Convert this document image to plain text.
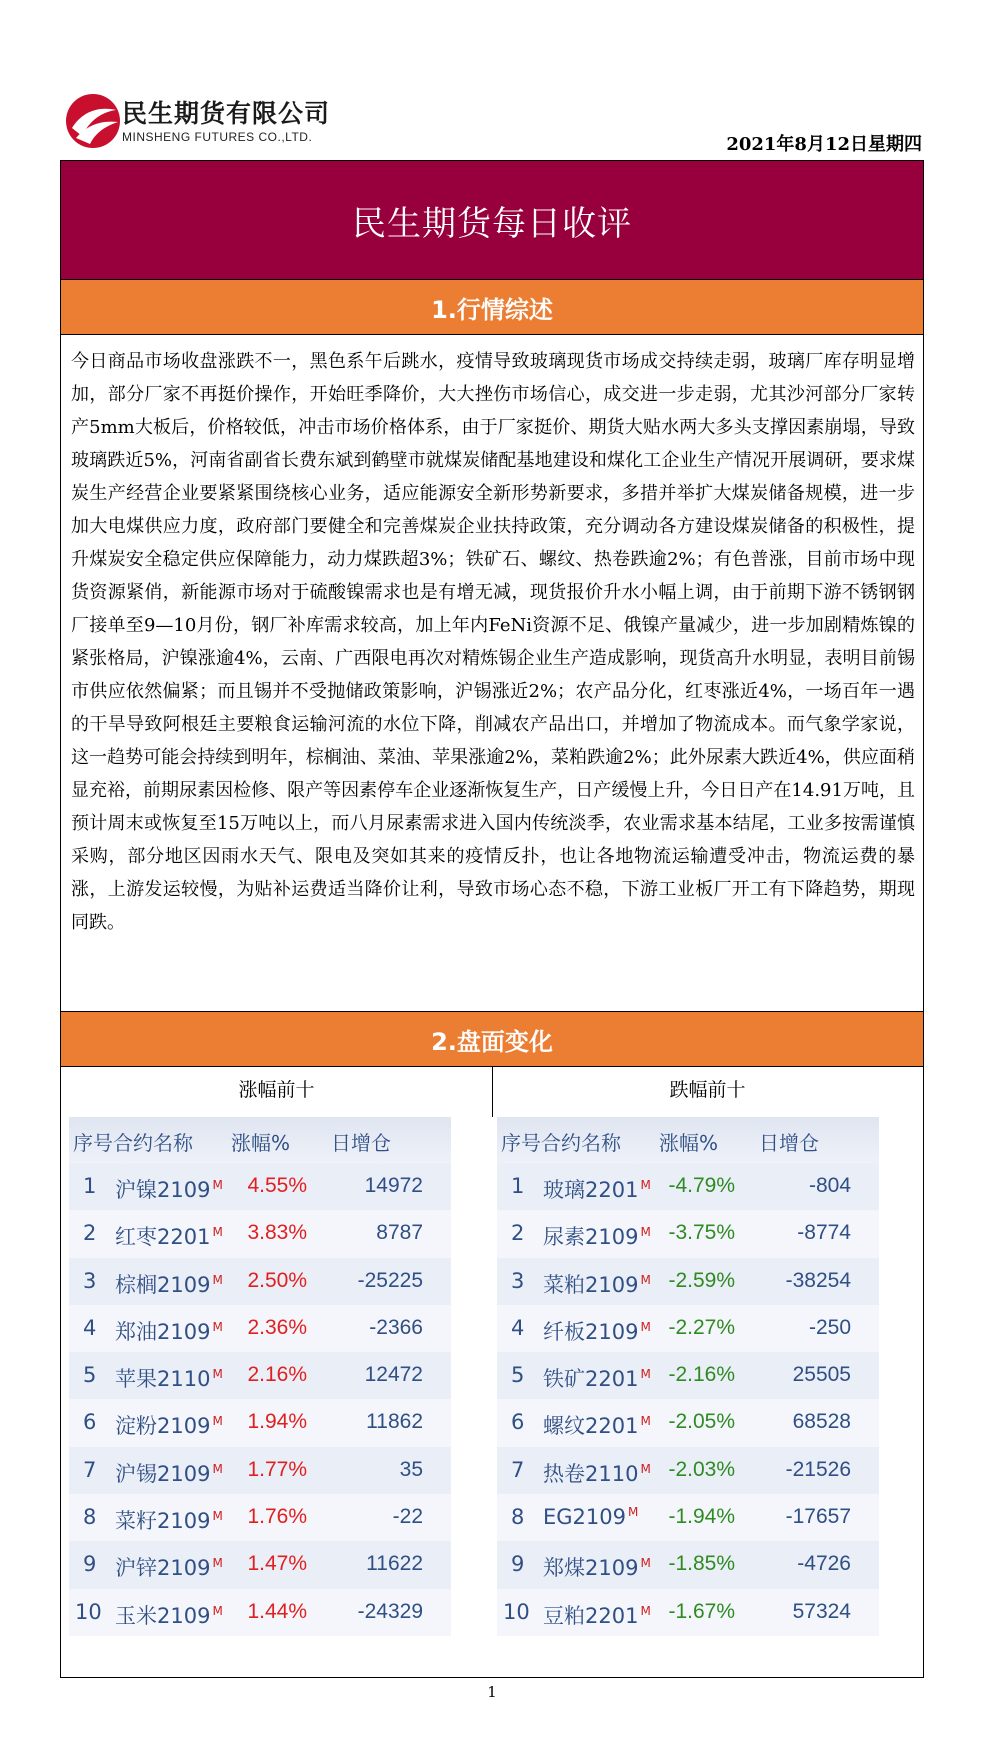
民生期货有限公司
MINSHENG FUTURES CO.,LTD.	2021年8月12日星期四
民生期货每日收评
1.行情综述
今日商品市场收盘涨跌不一，黑色系午后跳水，疫情导致玻璃现货市场成交持续走弱，玻璃厂库存明显增加，部分厂家不再挺价操作，开始旺季降价，大大挫伤市场信心，成交进一步走弱，尤其沙河部分厂家转产5mm大板后，价格较低，冲击市场价格体系，由于厂家挺价、期货大贴水两大多头支撑因素崩塌，导致玻璃跌近5%，河南省副省长费东斌到鹤壁市就煤炭储配基地建设和煤化工企业生产情况开展调研，要求煤炭生产经营企业要紧紧围绕核心业务，适应能源安全新形势新要求，多措并举扩大煤炭储备规模，进一步加大电煤供应力度，政府部门要健全和完善煤炭企业扶持政策，充分调动各方建设煤炭储备的积极性，提升煤炭安全稳定供应保障能力，动力煤跌超3%；铁矿石、螺纹、热卷跌逾2%；有色普涨，目前市场中现货资源紧俏，新能源市场对于硫酸镍需求也是有增无减，现货报价升水小幅上调，由于前期下游不锈钢钢厂接单至9—10月份，钢厂补库需求较高，加上年内FeNi资源不足、俄镍产量减少，进一步加剧精炼镍的紧张格局，沪镍涨逾4%，云南、广西限电再次对精炼锡企业生产造成影响，现货高升水明显，表明目前锡市供应依然偏紧；而且锡并不受抛储政策影响，沪锡涨近2%；农产品分化，红枣涨近4%，一场百年一遇的干旱导致阿根廷主要粮食运输河流的水位下降，削减农产品出口，并增加了物流成本。而气象学家说，这一趋势可能会持续到明年，棕榈油、菜油、苹果涨逾2%，菜粕跌逾2%；此外尿素大跌近4%，供应面稍显充裕，前期尿素因检修、限产等因素停车企业逐渐恢复生产，日产缓慢上升，今日日产在14.91万吨，且预计周末或恢复至15万吨以上，而八月尿素需求进入国内传统淡季，农业需求基本结尾，工业多按需谨慎采购，部分地区因雨水天气、限电及突如其来的疫情反扑，也让各地物流运输遭受冲击，物流运费的暴涨，上游发运较慢，为贴补运费适当降价让利，导致市场心态不稳，下游工业板厂开工有下降趋势，期现同跌。
2.盘面变化
涨幅前十	跌幅前十
序号合约名称 涨幅% 日增仓
1 沪镍2109 $^M$ 4.55%	14972
2 红枣2201 $^M$ 3.83%	8787
3 棕榈2109 $^M$ 2.50% -25225
4 郑油2109 $^M$ 2.36%	-2366
5 苹果2110 $^M$ 2.16%	12472
6 淀粉2109 $^M$ 1.94%	11862
7 沪锡2109 $^M$ 1.77%	35
8 菜籽2109 $^M$ 1.76%	-22
9 沪锌2109 $^M$ 1.47%	11622
10 玉米2109 $^M$ 1.44% -24329
序号合约名称 涨幅% 日增仓
1 玻璃2201 $^M$ -4.79%	-804
2 尿素2109 $^M$ -3.75%	-8774
3 菜粕2109 $^M$ -2.59% -38254
4 纤板2109 $^M$ -2.27%	-250
5 铁矿2201 $^M$ -2.16%	25505
6 螺纹2201 $^M$ -2.05%	68528
7 热卷2110 $^M$ -2.03% -21526
8 EG2109 $^M$ -1.94% -17657
9 郑煤2109 $^M$ -1.85%	-4726
10 豆粕2201 $^M$ -1.67%	57324
1
